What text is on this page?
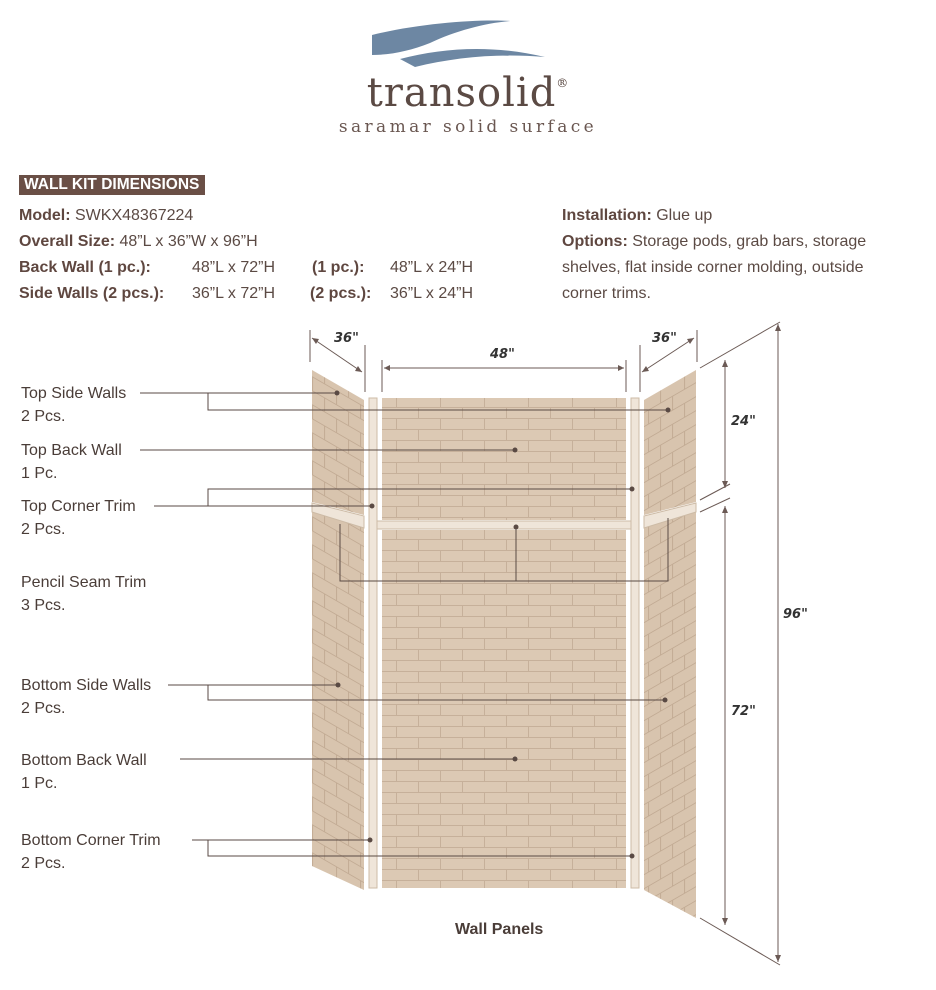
transolid®
saramar solid surface
WALL KIT DIMENSIONS
Model: SWKX48367224
Overall Size: 48”L x 36”W x 96”H
Back Wall (1 pc.):	48”L x 72”H (1 pc.): 48”L x 24”H
Side Walls (2 pcs.): 36”L x 72”H (2 pcs.): 36”L x 24”H
Installation: Glue up
Options: Storage pods, grab bars, storage
shelves, flat inside corner molding, outside
corner trims.
36"
48"
36"
24"
72"
96"
Top Side Walls
2 Pcs.
Top Back Wall
1 Pc.
Top Corner Trim
2 Pcs.
Pencil Seam Trim
3 Pcs.
Bottom Side Walls
2 Pcs.
Bottom Back Wall
1 Pc.
Bottom Corner Trim
2 Pcs.
Wall Panels
